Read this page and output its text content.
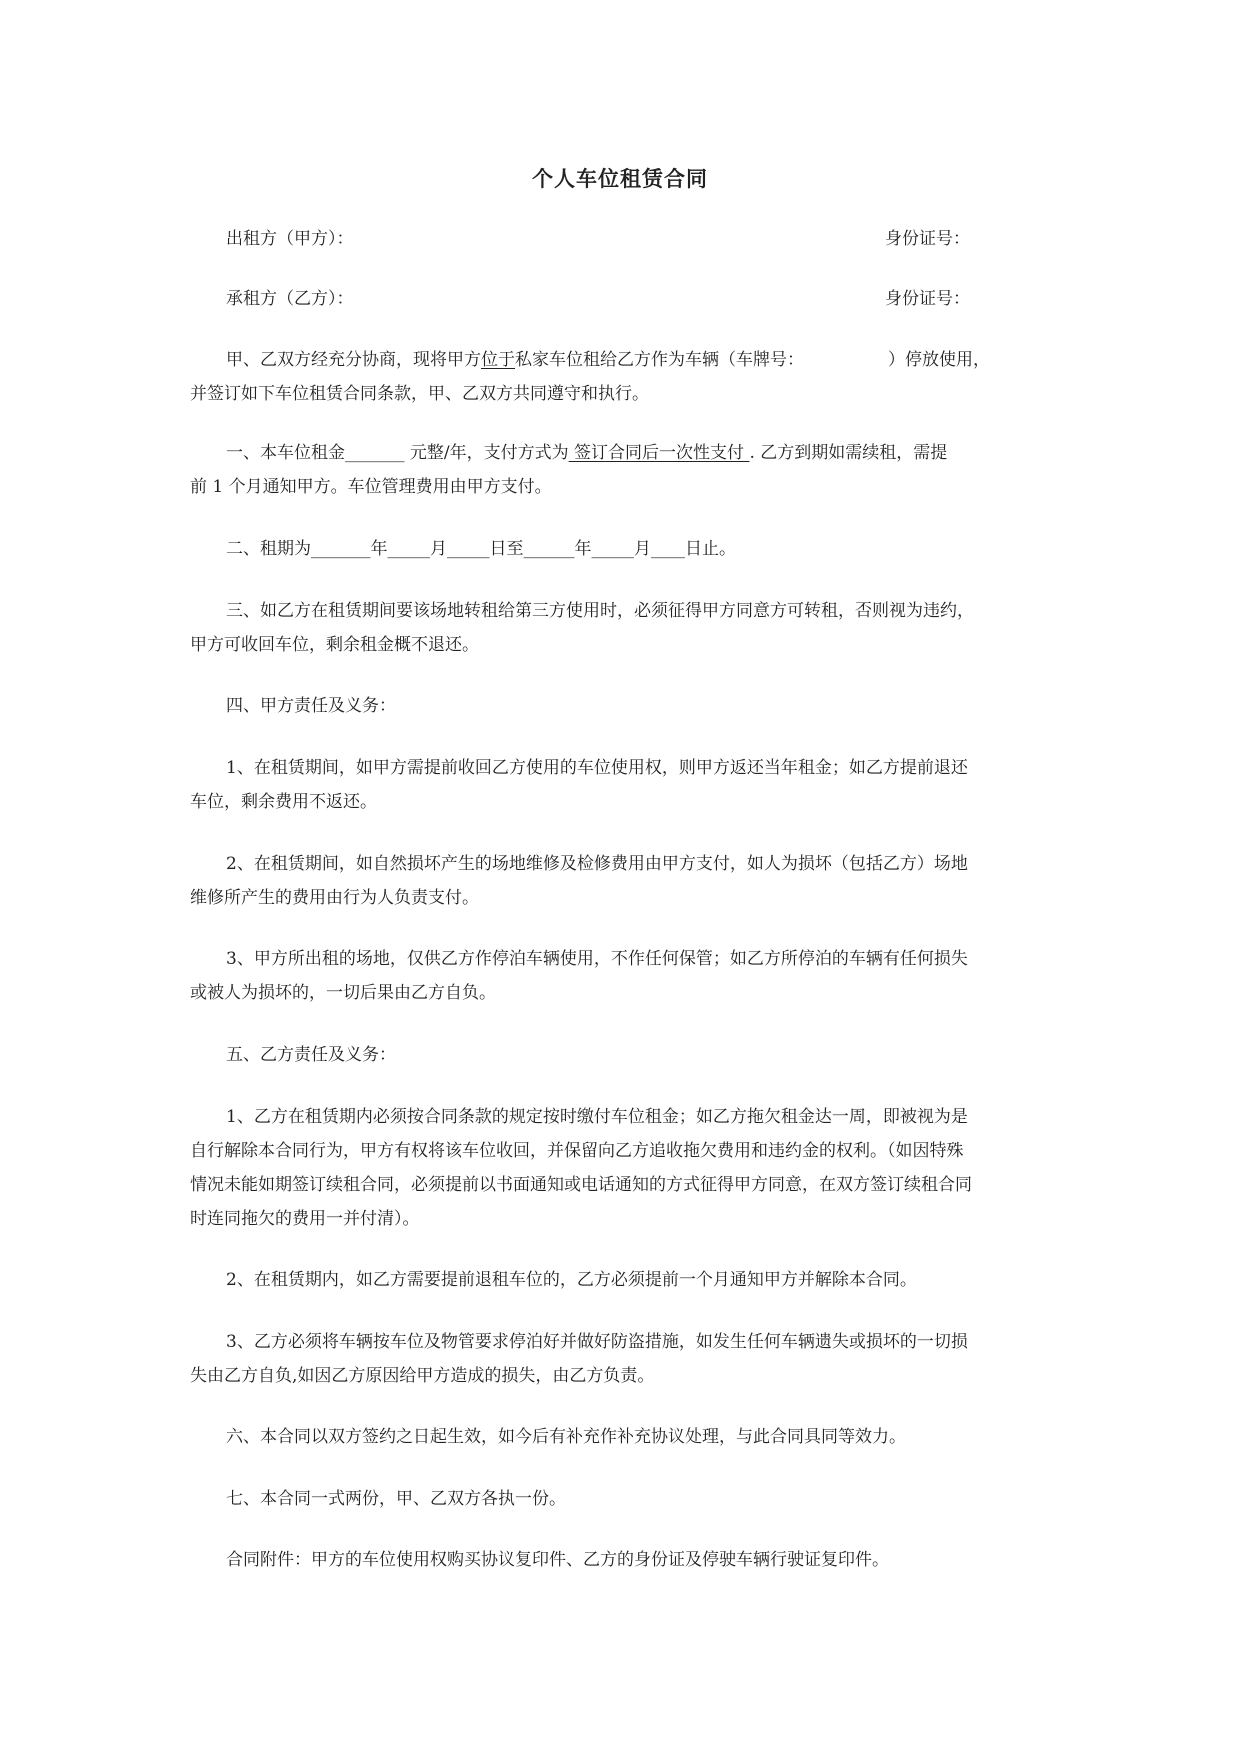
个人车位租赁合同
出租方（甲方）：	身份证号：
承租方（乙方）：	身份证号：
甲、乙双方经充分协商，现将甲方位于私家车位租给乙方作为车辆（车牌号：	）停放使用，
并签订如下车位租赁合同条款，甲、乙双方共同遵守和执行。
一、本车位租金_______ 元整/年，支付方式为 签订合同后一次性支付 . 乙方到期如需续租，需提
前 1 个月通知甲方。车位管理费用由甲方支付。
二、租期为_______年_____月_____日至______年_____月____日止。
三、如乙方在租赁期间要该场地转租给第三方使用时，必须征得甲方同意方可转租，否则视为违约，
甲方可收回车位，剩余租金概不退还。
四、甲方责任及义务：
1、在租赁期间，如甲方需提前收回乙方使用的车位使用权，则甲方返还当年租金；如乙方提前退还
车位，剩余费用不返还。
2、在租赁期间，如自然损坏产生的场地维修及检修费用由甲方支付，如人为损坏（包括乙方）场地
维修所产生的费用由行为人负责支付。
3、甲方所出租的场地，仅供乙方作停泊车辆使用，不作任何保管；如乙方所停泊的车辆有任何损失
或被人为损坏的，一切后果由乙方自负。
五、乙方责任及义务：
1、乙方在租赁期内必须按合同条款的规定按时缴付车位租金；如乙方拖欠租金达一周，即被视为是
自行解除本合同行为，甲方有权将该车位收回，并保留向乙方追收拖欠费用和违约金的权利。（如因特殊
情况未能如期签订续租合同，必须提前以书面通知或电话通知的方式征得甲方同意，在双方签订续租合同
时连同拖欠的费用一并付清）。
2、在租赁期内，如乙方需要提前退租车位的，乙方必须提前一个月通知甲方并解除本合同。
3、乙方必须将车辆按车位及物管要求停泊好并做好防盗措施，如发生任何车辆遗失或损坏的一切损
失由乙方自负,如因乙方原因给甲方造成的损失，由乙方负责。
六、本合同以双方签约之日起生效，如今后有补充作补充协议处理，与此合同具同等效力。
七、本合同一式两份，甲、乙双方各执一份。
合同附件：甲方的车位使用权购买协议复印件、乙方的身份证及停驶车辆行驶证复印件。
